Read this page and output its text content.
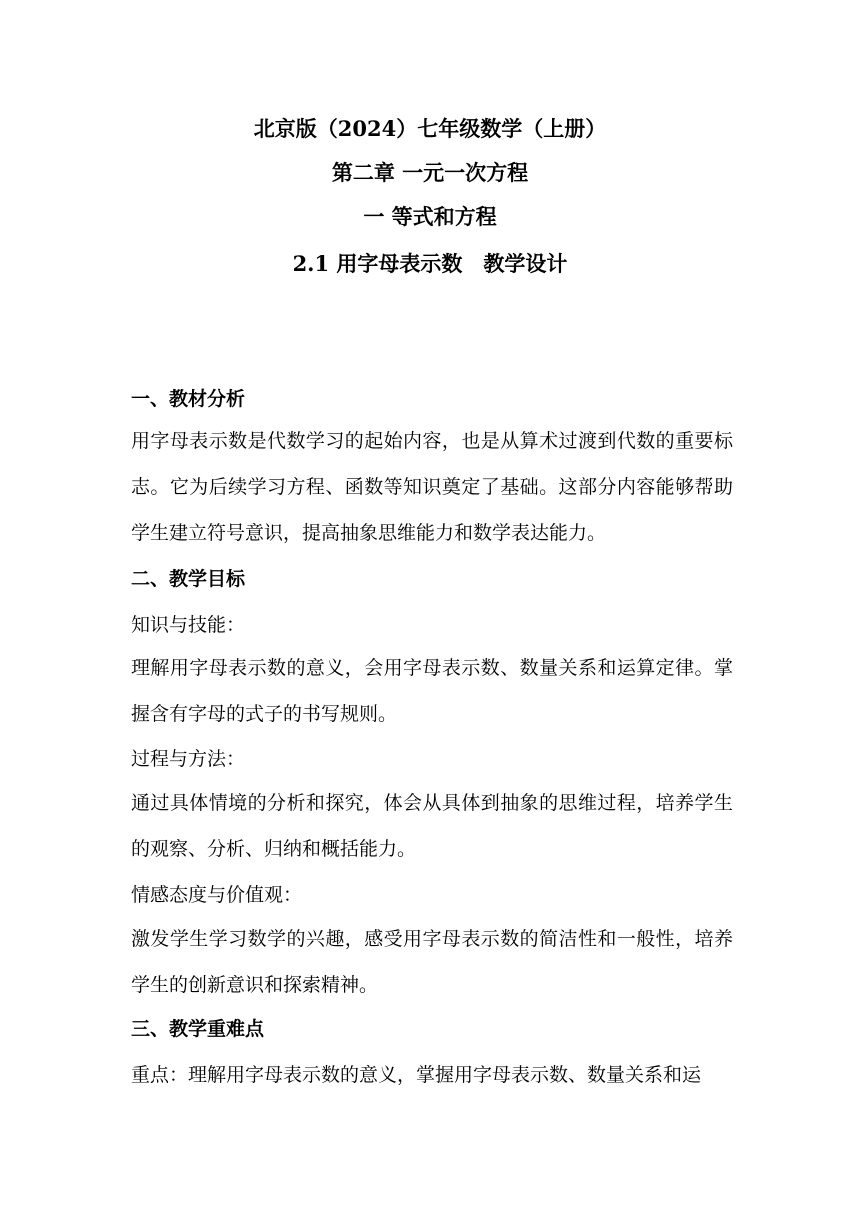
北京版（2024）七年级数学（上册）
第二章 一元一次方程
一 等式和方程
2.1 用字母表示数　教学设计
一、教材分析
用字母表示数是代数学习的起始内容，也是从算术过渡到代数的重要标志。它为后续学习方程、函数等知识奠定了基础。这部分内容能够帮助学生建立符号意识，提高抽象思维能力和数学表达能力。
二、教学目标
知识与技能：
理解用字母表示数的意义，会用字母表示数、数量关系和运算定律。掌握含有字母的式子的书写规则。
过程与方法：
通过具体情境的分析和探究，体会从具体到抽象的思维过程，培养学生的观察、分析、归纳和概括能力。
情感态度与价值观：
激发学生学习数学的兴趣，感受用字母表示数的简洁性和一般性，培养学生的创新意识和探索精神。
三、教学重难点
重点：理解用字母表示数的意义，掌握用字母表示数、数量关系和运
